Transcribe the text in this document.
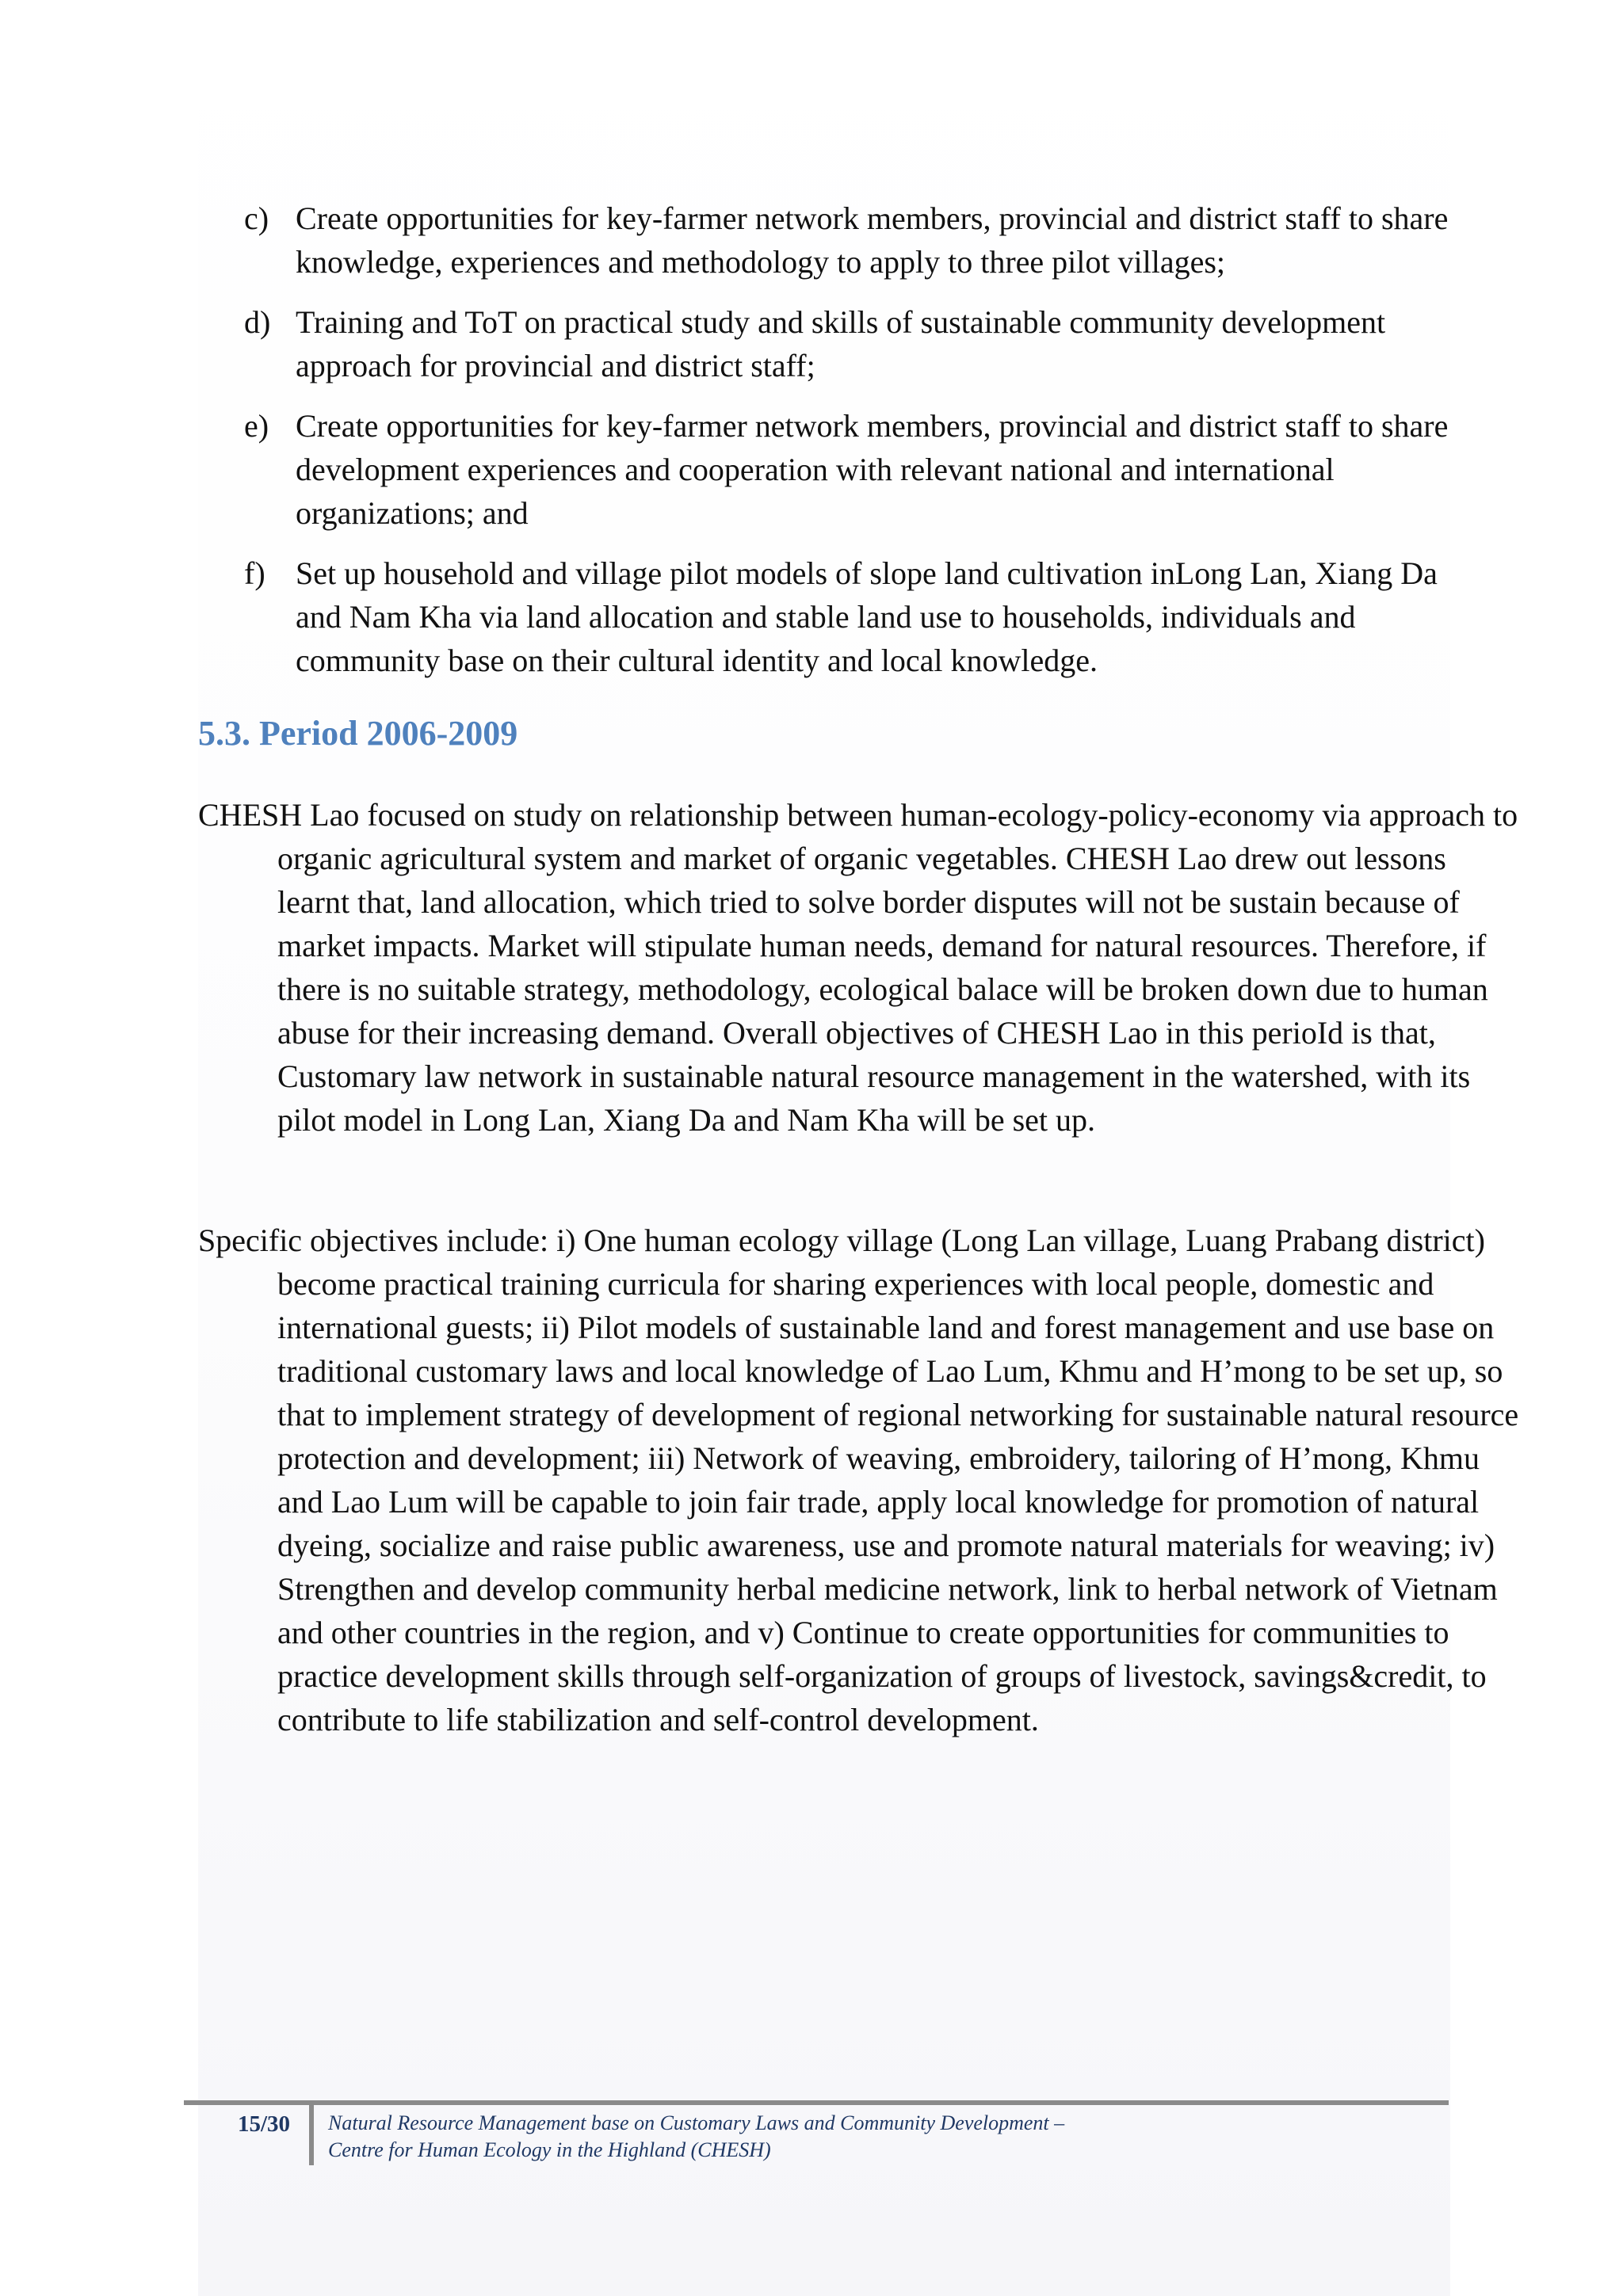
c) Create opportunities for key-farmer network members, provincial and district staff to share knowledge, experiences and methodology to apply to three pilot villages;
d) Training and ToT on practical study and skills of sustainable community development approach for provincial and district staff;
e) Create opportunities for key-farmer network members, provincial and district staff to share development experiences and cooperation with relevant national and international organizations; and
f) Set up household and village pilot models of slope land cultivation inLong Lan, Xiang Da and Nam Kha via land allocation and stable land use to households, individuals and community base on their cultural identity and local knowledge.
5.3. Period 2006-2009

CHESH Lao focused on study on relationship between human-ecology-policy-economy via approach to organic agricultural system and market of organic vegetables. CHESH Lao drew out lessons learnt that, land allocation, which tried to solve border disputes will not be sustain because of market impacts. Market will stipulate human needs, demand for natural resources. Therefore, if there is no suitable strategy, methodology, ecological balace will be broken down due to human abuse for their increasing demand. Overall objectives of CHESH Lao in this perioId is that, Customary law network in sustainable natural resource management in the watershed, with its pilot model in Long Lan, Xiang Da and Nam Kha will be set up.

Specific objectives include: i) One human ecology village (Long Lan village, Luang Prabang district) become practical training curricula for sharing experiences with local people, domestic and international guests; ii) Pilot models of sustainable land and forest management and use base on traditional customary laws and local knowledge of Lao Lum, Khmu and H’mong to be set up, so that to implement strategy of development of regional networking for sustainable natural resource protection and development; iii) Network of weaving, embroidery, tailoring of H’mong, Khmu and Lao Lum will be capable to join fair trade, apply local knowledge for promotion of natural dyeing, socialize and raise public awareness, use and promote natural materials for weaving; iv) Strengthen and develop community herbal medicine network, link to herbal network of Vietnam and other countries in the region, and v) Continue to create opportunities for communities to practice development skills through self-organization of groups of livestock, savings&credit, to contribute to life stabilization and self-control development.

15/30 Natural Resource Management base on Customary Laws and Community Development –
Centre for Human Ecology in the Highland (CHESH)
